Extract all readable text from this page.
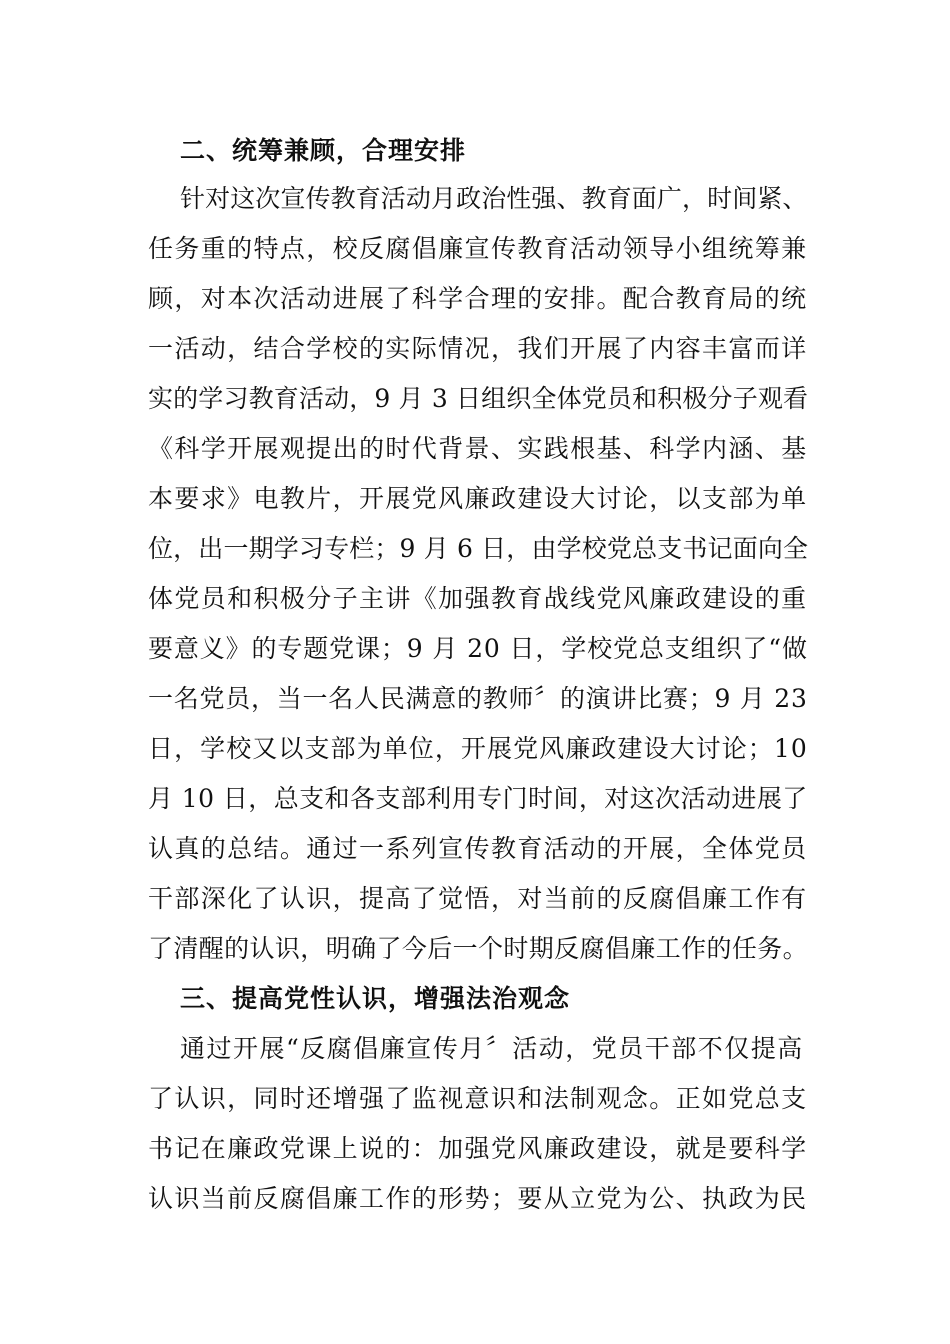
二、统筹兼顾，合理安排
针对这次宣传教育活动月政治性强、教育面广，时间紧、
任务重的特点，校反腐倡廉宣传教育活动领导小组统筹兼
顾，对本次活动进展了科学合理的安排。配合教育局的统
一活动，结合学校的实际情况，我们开展了内容丰富而详
实的学习教育活动，9 月 3 日组织全体党员和积极分子观看
《科学开展观提出的时代背景、实践根基、科学内涵、基
本要求》电教片，开展党风廉政建设大讨论，以支部为单
位，出一期学习专栏；9 月 6 日，由学校党总支书记面向全
体党员和积极分子主讲《加强教育战线党风廉政建设的重
要意义》的专题党课；9 月 20 日，学校党总支组织了“做
一名党员，当一名人民满意的教师〞的演讲比赛；9 月 23
日，学校又以支部为单位，开展党风廉政建设大讨论；10
月 10 日，总支和各支部利用专门时间，对这次活动进展了
认真的总结。通过一系列宣传教育活动的开展，全体党员
干部深化了认识，提高了觉悟，对当前的反腐倡廉工作有
了清醒的认识，明确了今后一个时期反腐倡廉工作的任务。
三、提高党性认识，增强法治观念
通过开展“反腐倡廉宣传月〞活动，党员干部不仅提高
了认识，同时还增强了监视意识和法制观念。正如党总支
书记在廉政党课上说的：加强党风廉政建设，就是要科学
认识当前反腐倡廉工作的形势；要从立党为公、执政为民
